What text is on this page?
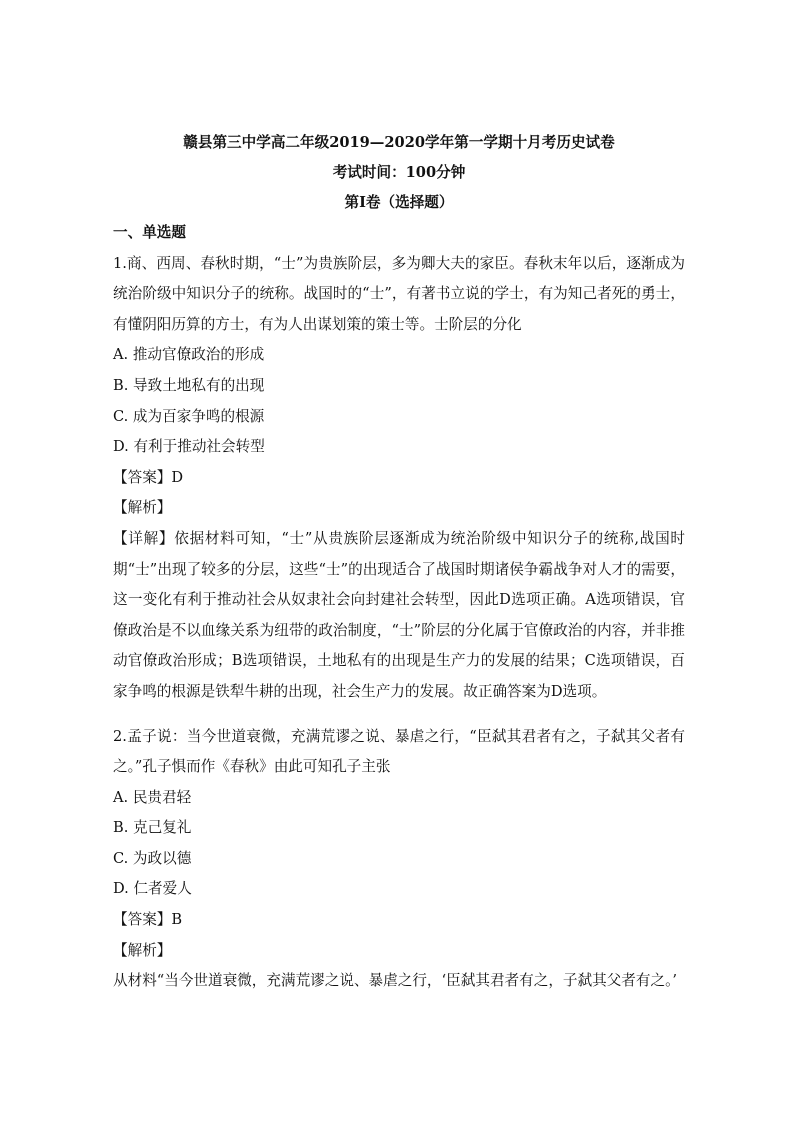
赣县第三中学高二年级2019—2020学年第一学期十月考历史试卷
考试时间：100分钟
第Ⅰ卷（选择题）
一、单选题
1.商、西周、春秋时期，“士”为贵族阶层，多为卿大夫的家臣。春秋末年以后，逐渐成为统治阶级中知识分子的统称。战国时的“士”，有著书立说的学士，有为知己者死的勇士，有懂阴阳历算的方士，有为人出谋划策的策士等。士阶层的分化
A. 推动官僚政治的形成
B. 导致土地私有的出现
C. 成为百家争鸣的根源
D. 有利于推动社会转型
【答案】D
【解析】
【详解】依据材料可知，“士”从贵族阶层逐渐成为统治阶级中知识分子的统称,战国时期“士”出现了较多的分层，这些“士”的出现适合了战国时期诸侯争霸战争对人才的需要，这一变化有利于推动社会从奴隶社会向封建社会转型，因此D选项正确。A选项错误，官僚政治是不以血缘关系为纽带的政治制度，“士”阶层的分化属于官僚政治的内容，并非推动官僚政治形成；B选项错误，土地私有的出现是生产力的发展的结果；C选项错误，百家争鸣的根源是铁犁牛耕的出现，社会生产力的发展。故正确答案为D选项。
2.孟子说：当今世道衰微，充满荒谬之说、暴虐之行，“臣弑其君者有之，子弑其父者有之。”孔子惧而作《春秋》由此可知孔子主张
A. 民贵君轻
B. 克己复礼
C. 为政以德
D. 仁者爱人
【答案】B
【解析】
从材料“当今世道衰微，充满荒谬之说、暴虐之行，‘臣弑其君者有之，子弑其父者有之。’
